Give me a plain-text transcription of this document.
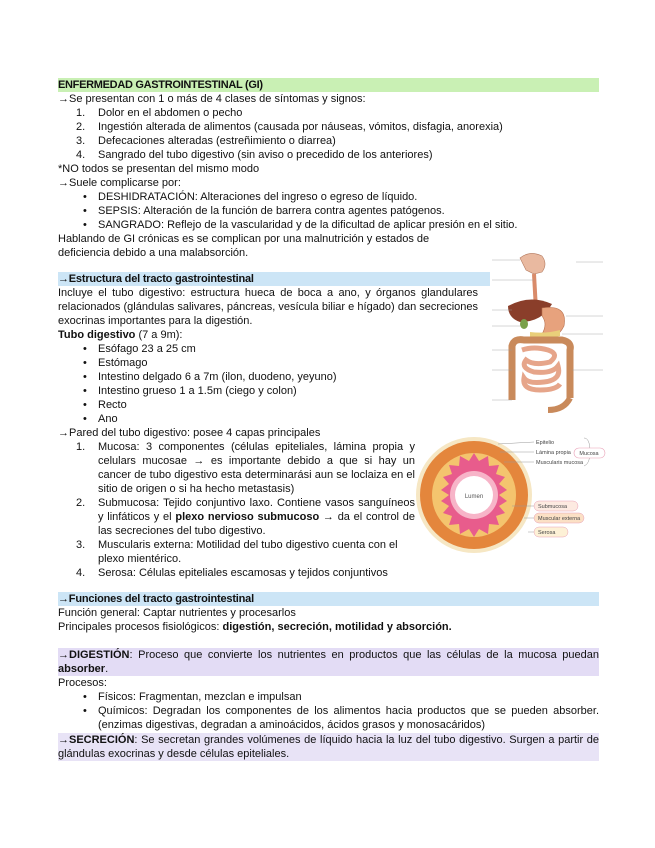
ENFERMEDAD GASTROINTESTINAL (GI)
→Se presentan con 1 o más de 4 clases de síntomas y signos:
1. Dolor en el abdomen o pecho
2. Ingestión alterada de alimentos (causada por náuseas, vómitos, disfagia, anorexia)
3. Defecaciones alteradas (estreñimiento o diarrea)
4. Sangrado del tubo digestivo (sin aviso o precedido de los anteriores)
*NO todos se presentan del mismo modo
→Suele complicarse por:
• DESHIDRATACIÓN: Alteraciones del ingreso o egreso de líquido.
• SEPSIS: Alteración de la función de barrera contra agentes patógenos.
• SANGRADO: Reflejo de la vascularidad y de la dificultad de aplicar presión en el sitio.
Hablando de GI crónicas es se complican por una malnutrición y estados de deficiencia debido a una malabsorción.
→Estructura del tracto gastrointestinal
Incluye el tubo digestivo: estructura hueca de boca a ano, y órganos glandulares relacionados (glándulas salivares, páncreas, vesícula biliar e hígado) dan secreciones exocrinas importantes para la digestión.
Tubo digestivo (7 a 9m):
• Esófago 23 a 25 cm
• Estómago
• Intestino delgado 6 a 7m (ilon, duodeno, yeyuno)
• Intestino grueso 1 a 1.5m (ciego y colon)
• Recto
• Ano
→Pared del tubo digestivo: posee 4 capas principales
1. Mucosa: 3 componentes (células epiteliales, lámina propia y celulars mucosae → es importante debido a que si hay un cancer de tubo digestivo esta determinarási aun se loclaiza en el sitio de origen o si ha hecho metastasis)
2. Submucosa: Tejido conjuntivo laxo. Contiene vasos sanguíneos y linfáticos y el plexo nervioso submucoso → da el control de las secreciones del tubo digestivo.
3. Muscularis externa: Motilidad del tubo digestivo cuenta con el plexo mientérico.
4. Serosa: Células epiteliales escamosas y tejidos conjuntivos
→Funciones del tracto gastrointestinal
Función general: Captar nutrientes y procesarlos
Principales procesos fisiológicos: digestión, secreción, motilidad y absorción.
→DIGESTIÓN: Proceso que convierte los nutrientes en productos que las células de la mucosa puedan absorber.
Procesos:
• Físicos: Fragmentan, mezclan e impulsan
• Químicos: Degradan los componentes de los alimentos hacia productos que se pueden absorber. (enzimas digestivas, degradan a aminoácidos, ácidos grasos y monosacáridos)
→SECRECIÓN: Se secretan grandes volúmenes de líquido hacia la luz del tubo digestivo. Surgen a partir de glándulas exocrinas y desde células epiteliales.
Lumen
Epitelio
Lámina propia
Muscularis mucosa
Mucosa
Submucosa
Muscular externa
Serosa
